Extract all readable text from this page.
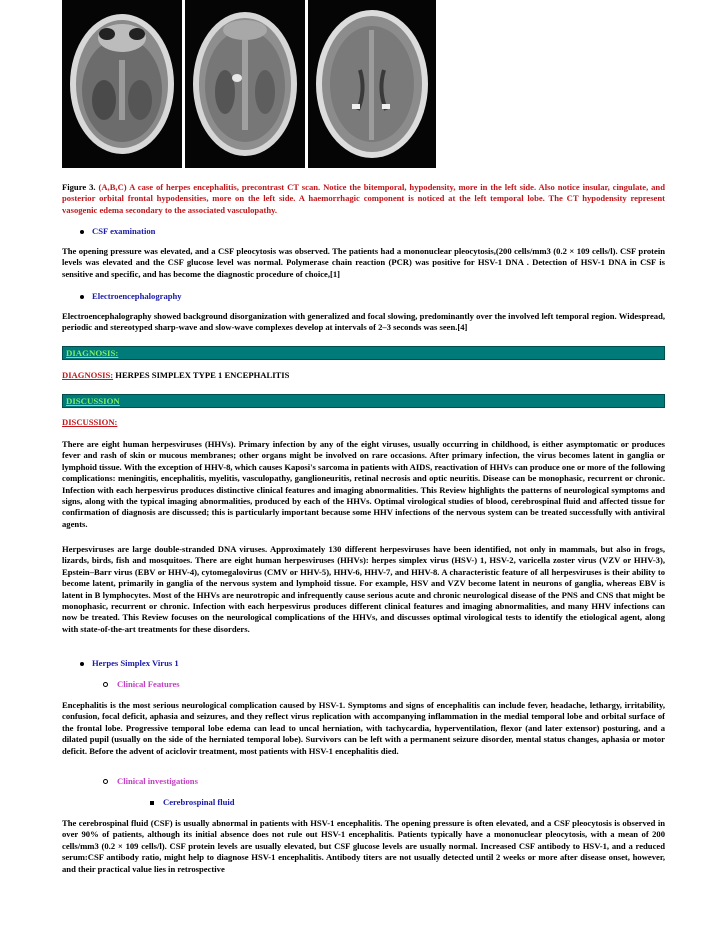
Figure 3. (A,B,C) A case of herpes encephalitis, precontrast CT scan. Notice the bitemporal, hypodensity, more in the left side. Also notice insular, cingulate, and posterior orbital frontal hypodensities, more on the left side. A haemorrhagic component is noticed at the left temporal lobe. The CT hypodensity represent vasogenic edema secondary to the associated vasculopathy.

CSF examination

The opening pressure was elevated, and a CSF pleocytosis was observed. The patients had a mononuclear pleocytosis,(200 cells/mm3 (0.2 × 109 cells/l). CSF protein levels was elevated and the CSF glucose level was normal. Polymerase chain reaction (PCR) was positive for HSV-1 DNA . Detection of HSV-1 DNA in CSF is sensitive and specific, and has become the diagnostic procedure of choice,[1]

Electroencephalography

Electroencephalography showed background disorganization with generalized and focal slowing, predominantly over the involved left temporal region. Widespread, periodic and stereotyped sharp-wave and slow-wave complexes develop at intervals of 2–3 seconds was seen.[4]

DIAGNOSIS:

DIAGNOSIS: HERPES SIMPLEX TYPE 1 ENCEPHALITIS

DISCUSSION

DISCUSSION:

There are eight human herpesviruses (HHVs). Primary infection by any of the eight viruses, usually occurring in childhood, is either asymptomatic or produces fever and rash of skin or mucous membranes; other organs might be involved on rare occasions. After primary infection, the virus becomes latent in ganglia or lymphoid tissue. With the exception of HHV-8, which causes Kaposi's sarcoma in patients with AIDS, reactivation of HHVs can produce one or more of the following complications: meningitis, encephalitis, myelitis, vasculopathy, ganglioneuritis, retinal necrosis and optic neuritis. Disease can be monophasic, recurrent or chronic. Infection with each herpesvirus produces distinctive clinical features and imaging abnormalities. This Review highlights the patterns of neurological symptoms and signs, along with the typical imaging abnormalities, produced by each of the HHVs. Optimal virological studies of blood, cerebrospinal fluid and affected tissue for confirmation of diagnosis are discussed; this is particularly important because some HHV infections of the nervous system can be treated successfully with antiviral agents.

Herpesviruses are large double-stranded DNA viruses. Approximately 130 different herpesviruses have been identified, not only in mammals, but also in frogs, lizards, birds, fish and mosquitoes. There are eight human herpesviruses (HHVs): herpes simplex virus (HSV-) 1, HSV-2, varicella zoster virus (VZV or HHV-3), Epstein–Barr virus (EBV or HHV-4), cytomegalovirus (CMV or HHV-5), HHV-6, HHV-7, and HHV-8. A characteristic feature of all herpesviruses is their ability to become latent, primarily in ganglia of the nervous system and lymphoid tissue. For example, HSV and VZV become latent in neurons of ganglia, whereas EBV is latent in B lymphocytes. Most of the HHVs are neurotropic and infrequently cause serious acute and chronic neurological disease of the PNS and CNS that might be monophasic, recurrent or chronic. Infection with each herpesvirus produces different clinical features and imaging abnormalities, and many HHV infections can now be treated. This Review focuses on the neurological complications of the HHVs, and discusses optimal virological tests to identify the etiological agent, along with state-of-the-art treatments for these disorders.

Herpes Simplex Virus 1
Clinical Features

Encephalitis is the most serious neurological complication caused by HSV-1. Symptoms and signs of encephalitis can include fever, headache, lethargy, irritability, confusion, focal deficit, aphasia and seizures, and they reflect virus replication with accompanying inflammation in the medial temporal lobe and orbital surface of the frontal lobe. Progressive temporal lobe edema can lead to uncal herniation, with tachycardia, hyperventilation, flexor (and later extensor) posturing, and a dilated pupil (usually on the side of the herniated temporal lobe). Survivors can be left with a permanent seizure disorder, mental status changes, aphasia or motor deficit. Before the advent of aciclovir treatment, most patients with HSV-1 encephalitis died.

Clinical investigations
Cerebrospinal fluid

The cerebrospinal fluid (CSF) is usually abnormal in patients with HSV-1 encephalitis. The opening pressure is often elevated, and a CSF pleocytosis is observed in over 90% of patients, although its initial absence does not rule out HSV-1 encephalitis. Patients typically have a mononuclear pleocytosis, with a mean of 200 cells/mm3 (0.2 × 109 cells/l). CSF protein levels are usually elevated, but CSF glucose levels are usually normal. Increased CSF antibody to HSV-1, and a reduced serum:CSF antibody ratio, might help to diagnose HSV-1 encephalitis. Antibody titers are not usually detected until 2 weeks or more after disease onset, however, and their practical value lies in retrospective
